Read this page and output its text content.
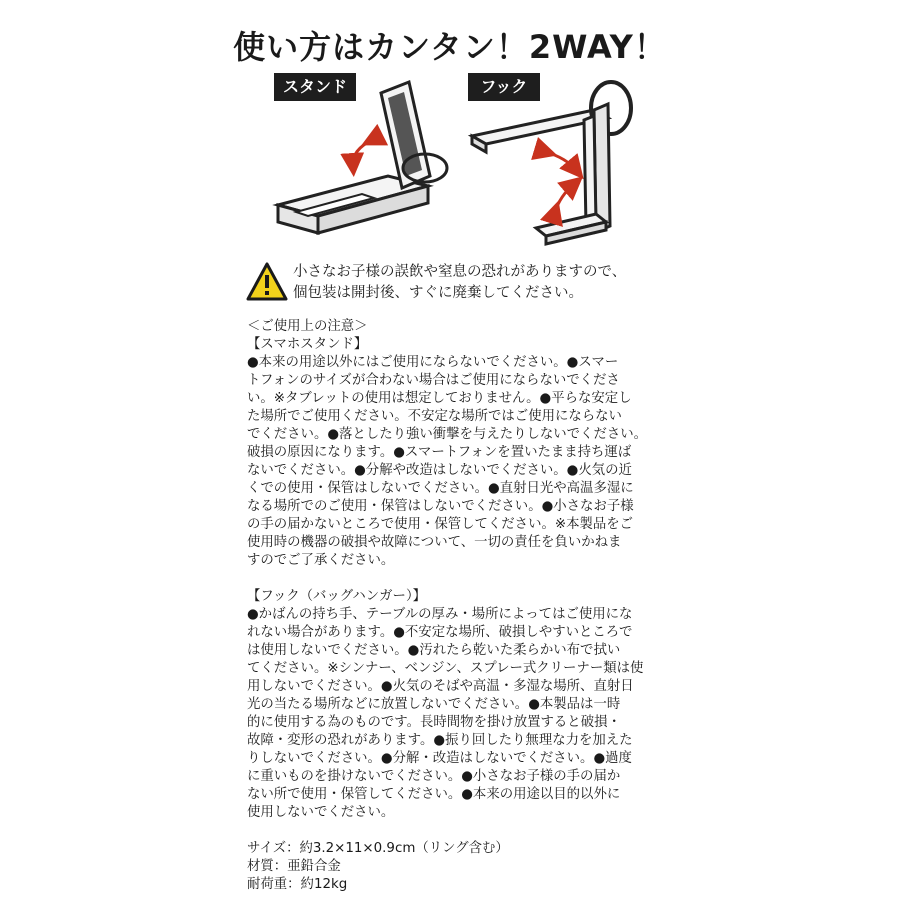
使い方はカンタン！2WAY！
スタンド	フック
小さなお子様の誤飲や窒息の恐れがありますので、
個包装は開封後、すぐに廃棄してください。
＜ご使用上の注意＞
【スマホスタンド】
●本来の用途以外にはご使用にならないでください。●スマー
トフォンのサイズが合わない場合はご使用にならないでくださ
い。※タブレットの使用は想定しておりません。●平らな安定し
た場所でご使用ください。不安定な場所ではご使用にならない
でください。●落としたり強い衝撃を与えたりしないでください。
破損の原因になります。●スマートフォンを置いたまま持ち運ば
ないでください。●分解や改造はしないでください。●火気の近
くでの使用・保管はしないでください。●直射日光や高温多湿に
なる場所でのご使用・保管はしないでください。●小さなお子様
の手の届かないところで使用・保管してください。※本製品をご
使用時の機器の破損や故障について、一切の責任を負いかねま
すのでご了承ください。
【フック（バッグハンガー）】
●かばんの持ち手、テーブルの厚み・場所によってはご使用にな
れない場合があります。●不安定な場所、破損しやすいところで
は使用しないでください。●汚れたら乾いた柔らかい布で拭い
てください。※シンナー、ベンジン、スプレー式クリーナー類は使
用しないでください。●火気のそばや高温・多湿な場所、直射日
光の当たる場所などに放置しないでください。●本製品は一時
的に使用する為のものです。長時間物を掛け放置すると破損・
故障・変形の恐れがあります。●振り回したり無理な力を加えた
りしないでください。●分解・改造はしないでください。●過度
に重いものを掛けないでください。●小さなお子様の手の届か
ない所で使用・保管してください。●本来の用途以目的以外に
使用しないでください。
サイズ：約3.2×11×0.9cm（リング含む）
材質：亜鉛合金
耐荷重：約12kg
